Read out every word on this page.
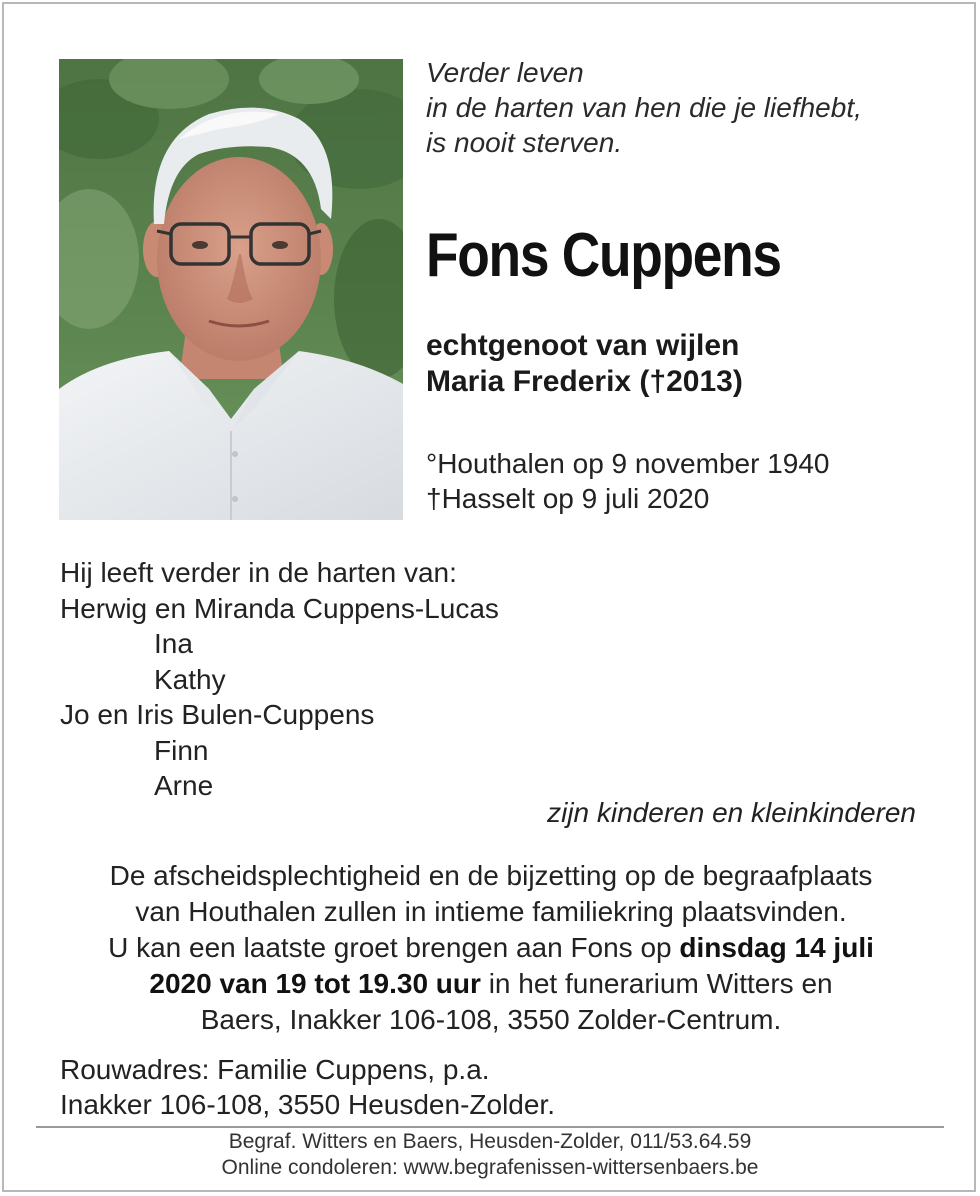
Verder leven
in de harten van hen die je liefhebt,
is nooit sterven.
Fons Cuppens
echtgenoot van wijlen
Maria Frederix (†2013)
°Houthalen op 9 november 1940
†Hasselt op 9 juli 2020
Hij leeft verder in de harten van:
Herwig en Miranda Cuppens-Lucas
Ina
Kathy
Jo en Iris Bulen-Cuppens
Finn
Arne
zijn kinderen en kleinkinderen
De afscheidsplechtigheid en de bijzetting op de begraafplaats
van Houthalen zullen in intieme familiekring plaatsvinden.
U kan een laatste groet brengen aan Fons op dinsdag 14 juli
2020 van 19 tot 19.30 uur in het funerarium Witters en
Baers, Inakker 106-108, 3550 Zolder-Centrum.
Rouwadres: Familie Cuppens, p.a.
Inakker 106-108, 3550 Heusden-Zolder.
Begraf. Witters en Baers, Heusden-Zolder, 011/53.64.59
Online condoleren: www.begrafenissen-wittersenbaers.be
